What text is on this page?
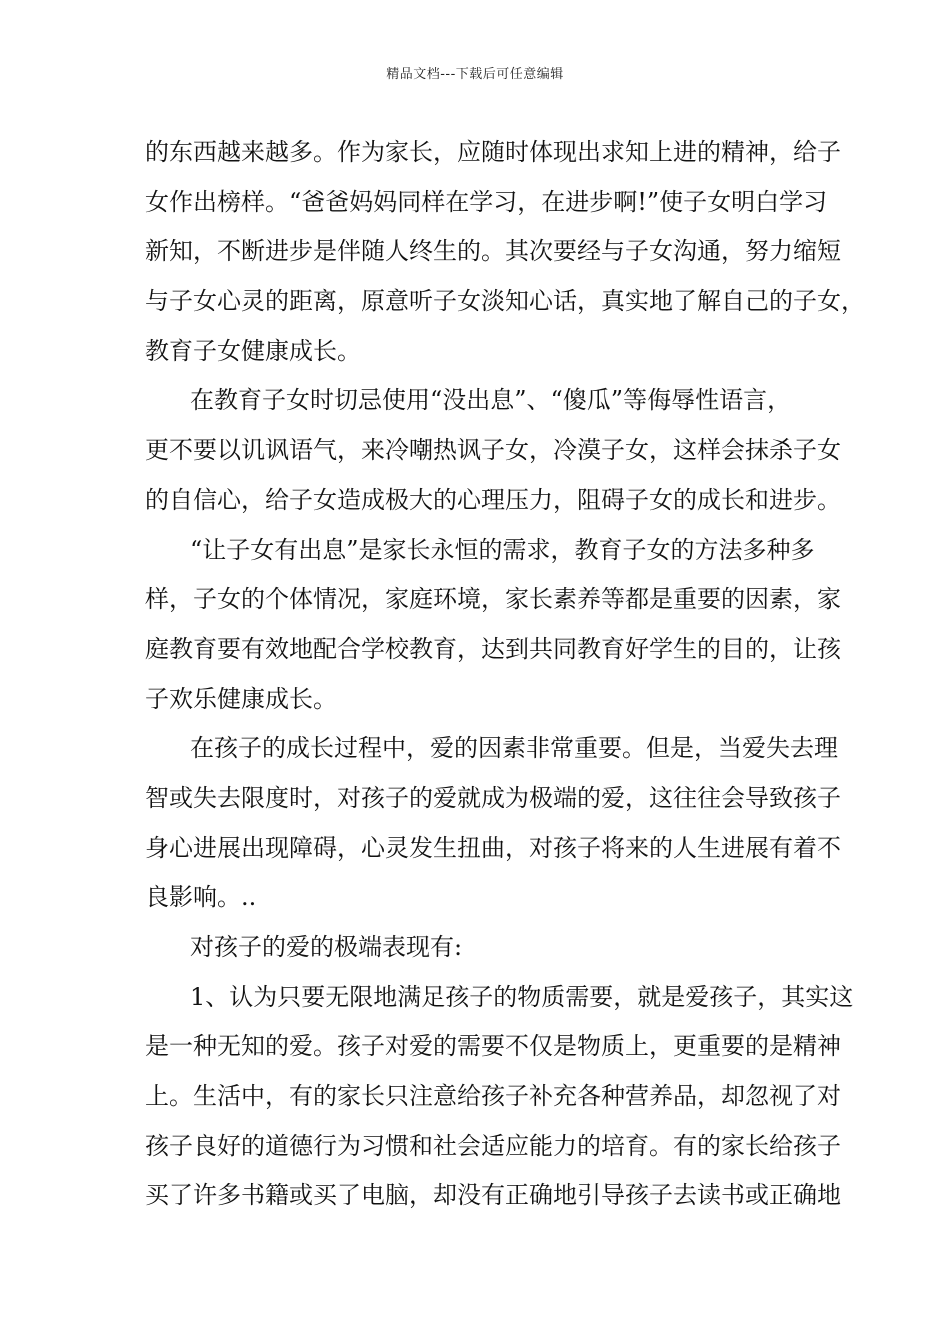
精品文档---下载后可任意编辑
的东西越来越多。作为家长，应随时体现出求知上进的精神，给子
女作出榜样。“爸爸妈妈同样在学习，在进步啊!”使子女明白学习
新知，不断进步是伴随人终生的。其次要经与子女沟通，努力缩短
与子女心灵的距离，原意听子女淡知心话，真实地了解自己的子女，
教育子女健康成长。
在教育子女时切忌使用“没出息”、“傻瓜”等侮辱性语言，
更不要以讥讽语气，来冷嘲热讽子女，冷漠子女，这样会抹杀子女
的自信心，给子女造成极大的心理压力，阻碍子女的成长和进步。
“让子女有出息”是家长永恒的需求，教育子女的方法多种多
样，子女的个体情况，家庭环境，家长素养等都是重要的因素，家
庭教育要有效地配合学校教育，达到共同教育好学生的目的，让孩
子欢乐健康成长。
在孩子的成长过程中，爱的因素非常重要。但是，当爱失去理
智或失去限度时，对孩子的爱就成为极端的爱，这往往会导致孩子
身心进展出现障碍，心灵发生扭曲，对孩子将来的人生进展有着不
良影响。..
对孩子的爱的极端表现有:
1、认为只要无限地满足孩子的物质需要，就是爱孩子，其实这
是一种无知的爱。孩子对爱的需要不仅是物质上，更重要的是精神
上。生活中，有的家长只注意给孩子补充各种营养品，却忽视了对
孩子良好的道德行为习惯和社会适应能力的培育。有的家长给孩子
买了许多书籍或买了电脑，却没有正确地引导孩子去读书或正确地
